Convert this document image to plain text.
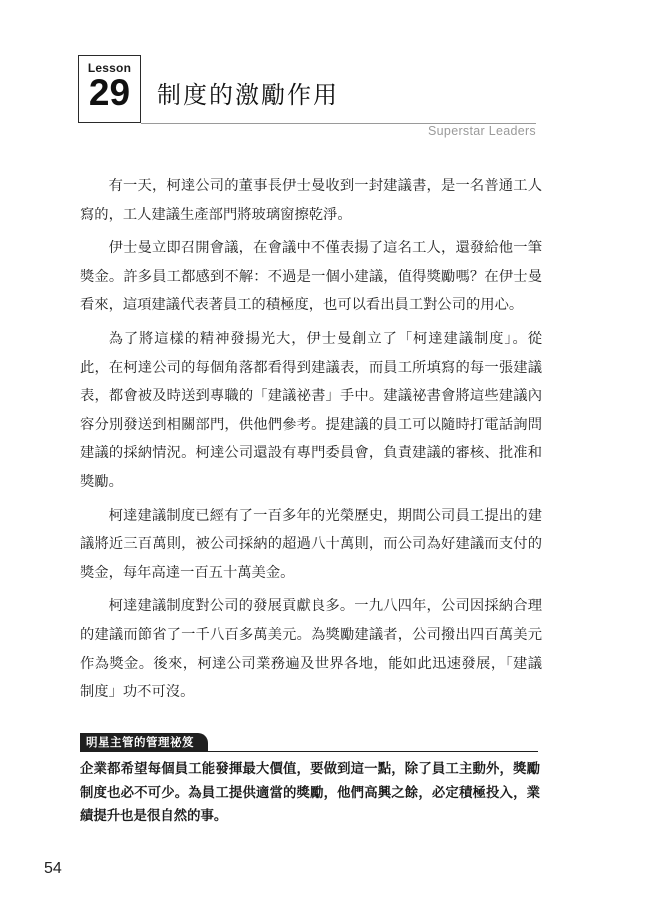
Lesson
29	制度的激勵作用
Superstar Leaders

有一天，柯達公司的董事長伊士曼收到一封建議書，是一名普通工人寫的，工人建議生產部門將玻璃窗擦乾淨。

伊士曼立即召開會議，在會議中不僅表揚了這名工人，還發給他一筆獎金。許多員工都感到不解：不過是一個小建議，值得獎勵嗎？在伊士曼看來，這項建議代表著員工的積極度，也可以看出員工對公司的用心。

為了將這樣的精神發揚光大，伊士曼創立了「柯達建議制度」。從此，在柯達公司的每個角落都看得到建議表，而員工所填寫的每一張建議表，都會被及時送到專職的「建議祕書」手中。建議祕書會將這些建議內容分別發送到相關部門，供他們參考。提建議的員工可以隨時打電話詢問建議的採納情況。柯達公司還設有專門委員會，負責建議的審核、批准和獎勵。

柯達建議制度已經有了一百多年的光榮歷史，期間公司員工提出的建議將近三百萬則，被公司採納的超過八十萬則，而公司為好建議而支付的獎金，每年高達一百五十萬美金。

柯達建議制度對公司的發展貢獻良多。一九八四年，公司因採納合理的建議而節省了一千八百多萬美元。為獎勵建議者，公司撥出四百萬美元作為獎金。後來，柯達公司業務遍及世界各地，能如此迅速發展，「建議制度」功不可沒。

明星主管的管理祕笈

企業都希望每個員工能發揮最大價值，要做到這一點，除了員工主動外，獎勵制度也必不可少。為員工提供適當的獎勵，他們高興之餘，必定積極投入，業績提升也是很自然的事。

54
